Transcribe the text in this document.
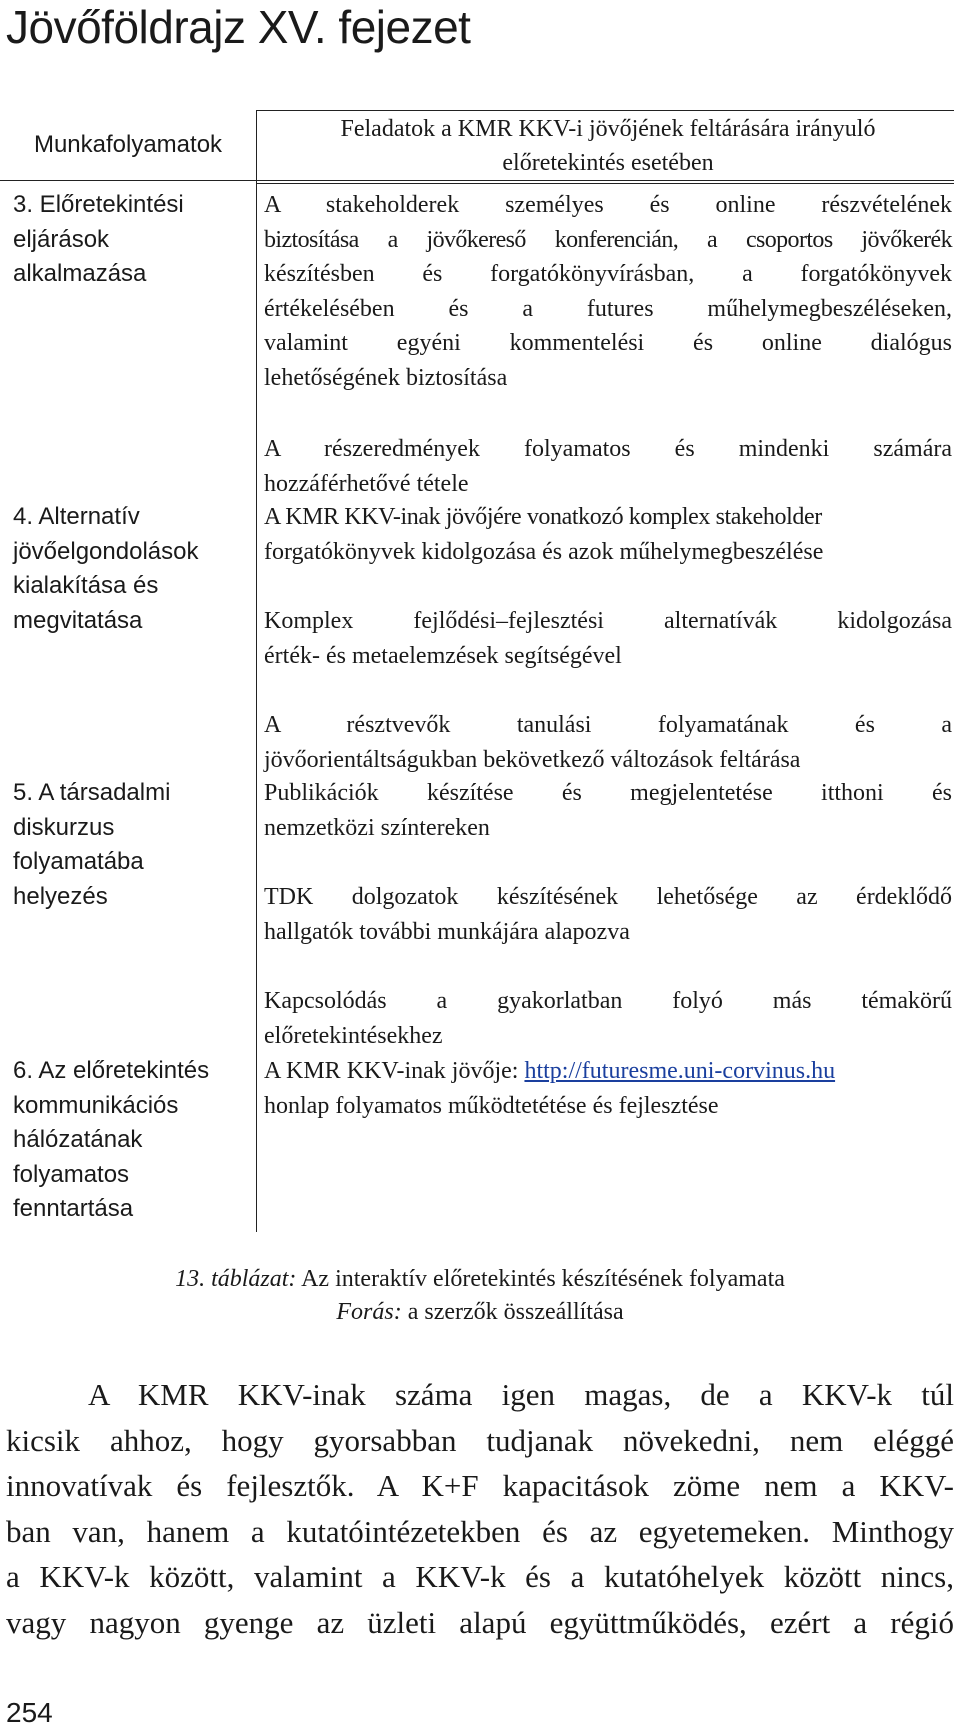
Jövőföldrajz XV. fejezet
Munkafolyamatok
Feladatok a KMR KKV-i jövőjének feltárására irányuló
előretekintés esetében
3. Előretekintési
eljárások
alkalmazása
A stakeholderek személyes és online részvételének
biztosítása a jövőkereső konferencián, a csoportos jövőkerék
készítésben és forgatókönyvírásban, a forgatókönyvek
értékelésében és a futures műhelymegbeszéléseken,
valamint egyéni kommentelési és online dialógus
lehetőségének biztosítása
A részeredmények folyamatos és mindenki számára
hozzáférhetővé tétele
4. Alternatív
jövőelgondolások
kialakítása és
megvitatása
A KMR KKV-inak jövőjére vonatkozó komplex stakeholder
forgatókönyvek kidolgozása és azok műhelymegbeszélése
Komplex fejlődési–fejlesztési alternatívák kidolgozása
érték- és metaelemzések segítségével
A résztvevők tanulási folyamatának és a
jövőorientáltságukban bekövetkező változások feltárása
5. A társadalmi
diskurzus
folyamatába
helyezés
Publikációk készítése és megjelentetése itthoni és
nemzetközi színtereken
TDK dolgozatok készítésének lehetősége az érdeklődő
hallgatók további munkájára alapozva
Kapcsolódás a gyakorlatban folyó más témakörű
előretekintésekhez
6. Az előretekintés
kommunikációs
hálózatának
folyamatos
fenntartása
A KMR KKV-inak jövője: http://futuresme.uni-corvinus.hu
honlap folyamatos működtetétése és fejlesztése
13. táblázat: Az interaktív előretekintés készítésének folyamata
Forás: a szerzők összeállítása
A KMR KKV-inak száma igen magas, de a KKV-k túl
kicsik ahhoz, hogy gyorsabban tudjanak növekedni, nem eléggé
innovatívak és fejlesztők. A K+F kapacitások zöme nem a KKV-
ban van, hanem a kutatóintézetekben és az egyetemeken. Minthogy
a KKV-k között, valamint a KKV-k és a kutatóhelyek között nincs,
vagy nagyon gyenge az üzleti alapú együttműködés, ezért a régió
254
